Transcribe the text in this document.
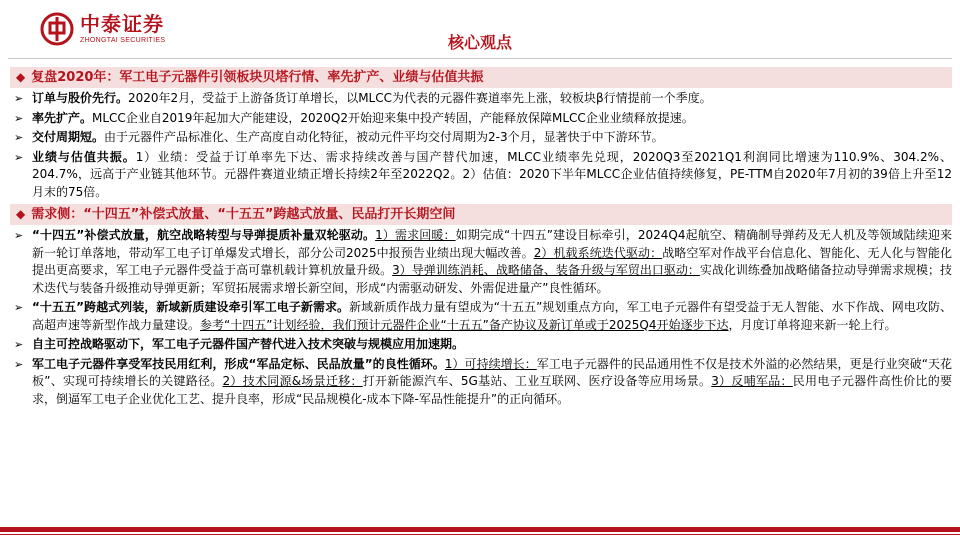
中泰证券
ZHONGTAI SECURITIES	核心观点
◆ 复盘2020年：军工电子元器件引领板块贝塔行情、率先扩产、业绩与估值共振
➢ 订单与股价先行。2020年2月，受益于上游备货订单增长，以MLCC为代表的元器件赛道率先上涨，较板块β行情提前一个季度。
➢ 率先扩产。MLCC企业自2019年起加大产能建设，2020Q2开始迎来集中投产转固，产能释放保障MLCC企业业绩释放提速。
➢ 交付周期短。由于元器件产品标准化、生产高度自动化特征，被动元件平均交付周期为2-3个月，显著快于中下游环节。
➢ 业绩与估值共振。1）业绩：受益于订单率先下达、需求持续改善与国产替代加速，MLCC业绩率先兑现，2020Q3至2021Q1利润同比增速为110.9%、304.2%、204.7%，远高于产业链其他环节。元器件赛道业绩正增长持续2年至2022Q2。2）估值：2020下半年MLCC企业估值持续修复，PE-TTM自2020年7月初的39倍上升至12月末的75倍。
◆ 需求侧：“十四五”补偿式放量、“十五五”跨越式放量、民品打开长期空间
➢ “十四五”补偿式放量，航空战略转型与导弹提质补量双轮驱动。1）需求回暖：如期完成“十四五”建设目标牵引，2024Q4起航空、精确制导弹药及无人机及等领域陆续迎来新一轮订单落地，带动军工电子订单爆发式增长，部分公司2025中报预告业绩出现大幅改善。2）机载系统迭代驱动：战略空军对作战平台信息化、智能化、无人化与智能化提出更高要求，军工电子元器件受益于高可靠机载计算机放量升级。3）导弹训练消耗、战略储备、装备升级与军贸出口驱动：实战化训练叠加战略储备拉动导弹需求规模；技术迭代与装备升级推动导弹更新；军贸拓展需求增长新空间，形成“内需驱动研发、外需促进量产”良性循环。
➢ “十五五”跨越式列装，新域新质建设牵引军工电子新需求。新域新质作战力量有望成为“十五五”规划重点方向，军工电子元器件有望受益于无人智能、水下作战、网电攻防、高超声速等新型作战力量建设。参考“十四五”计划经验，我们预计元器件企业“十五五”备产协议及新订单或于2025Q4开始逐步下达，月度订单将迎来新一轮上行。
➢ 自主可控战略驱动下，军工电子元器件国产替代进入技术突破与规模应用加速期。
➢ 军工电子元器件享受军技民用红利，形成“军品定标、民品放量”的良性循环。1）可持续增长：军工电子元器件的民品通用性不仅是技术外溢的必然结果，更是行业突破“天花板”、实现可持续增长的关键路径。2）技术同源&场景迁移：打开新能源汽车、5G基站、工业互联网、医疗设备等应用场景。3）反哺军品：民用电子元器件高性价比的要求，倒逼军工电子企业优化工艺、提升良率，形成“民品规模化-成本下降-军品性能提升”的正向循环。
